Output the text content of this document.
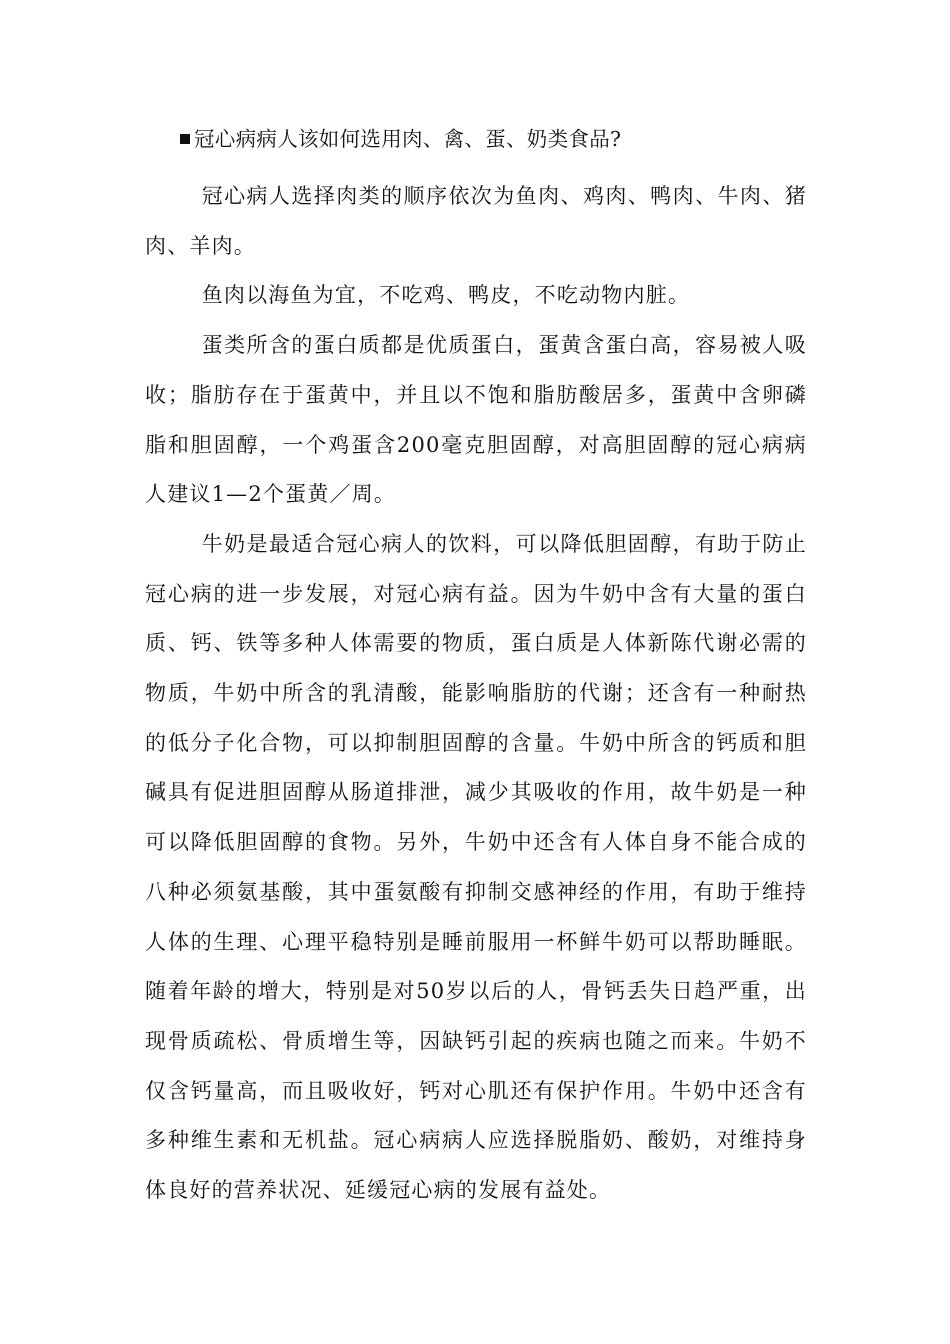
冠心病病人该如何选用肉、禽、蛋、奶类食品?

冠心病人选择肉类的顺序依次为鱼肉、鸡肉、鸭肉、牛肉、猪肉、羊肉。

鱼肉以海鱼为宜，不吃鸡、鸭皮，不吃动物内脏。

蛋类所含的蛋白质都是优质蛋白，蛋黄含蛋白高，容易被人吸收；脂肪存在于蛋黄中，并且以不饱和脂肪酸居多，蛋黄中含卵磷脂和胆固醇，一个鸡蛋含200毫克胆固醇，对高胆固醇的冠心病病人建议1—2个蛋黄／周。

牛奶是最适合冠心病人的饮料，可以降低胆固醇，有助于防止冠心病的进一步发展，对冠心病有益。因为牛奶中含有大量的蛋白质、钙、铁等多种人体需要的物质，蛋白质是人体新陈代谢必需的物质，牛奶中所含的乳清酸，能影响脂肪的代谢；还含有一种耐热的低分子化合物，可以抑制胆固醇的含量。牛奶中所含的钙质和胆碱具有促进胆固醇从肠道排泄，减少其吸收的作用，故牛奶是一种可以降低胆固醇的食物。另外，牛奶中还含有人体自身不能合成的八种必须氨基酸，其中蛋氨酸有抑制交感神经的作用，有助于维持人体的生理、心理平稳特别是睡前服用一杯鲜牛奶可以帮助睡眠。随着年龄的增大，特别是对50岁以后的人，骨钙丢失日趋严重，出现骨质疏松、骨质增生等，因缺钙引起的疾病也随之而来。牛奶不仅含钙量高，而且吸收好，钙对心肌还有保护作用。牛奶中还含有多种维生素和无机盐。冠心病病人应选择脱脂奶、酸奶，对维持身体良好的营养状况、延缓冠心病的发展有益处。
